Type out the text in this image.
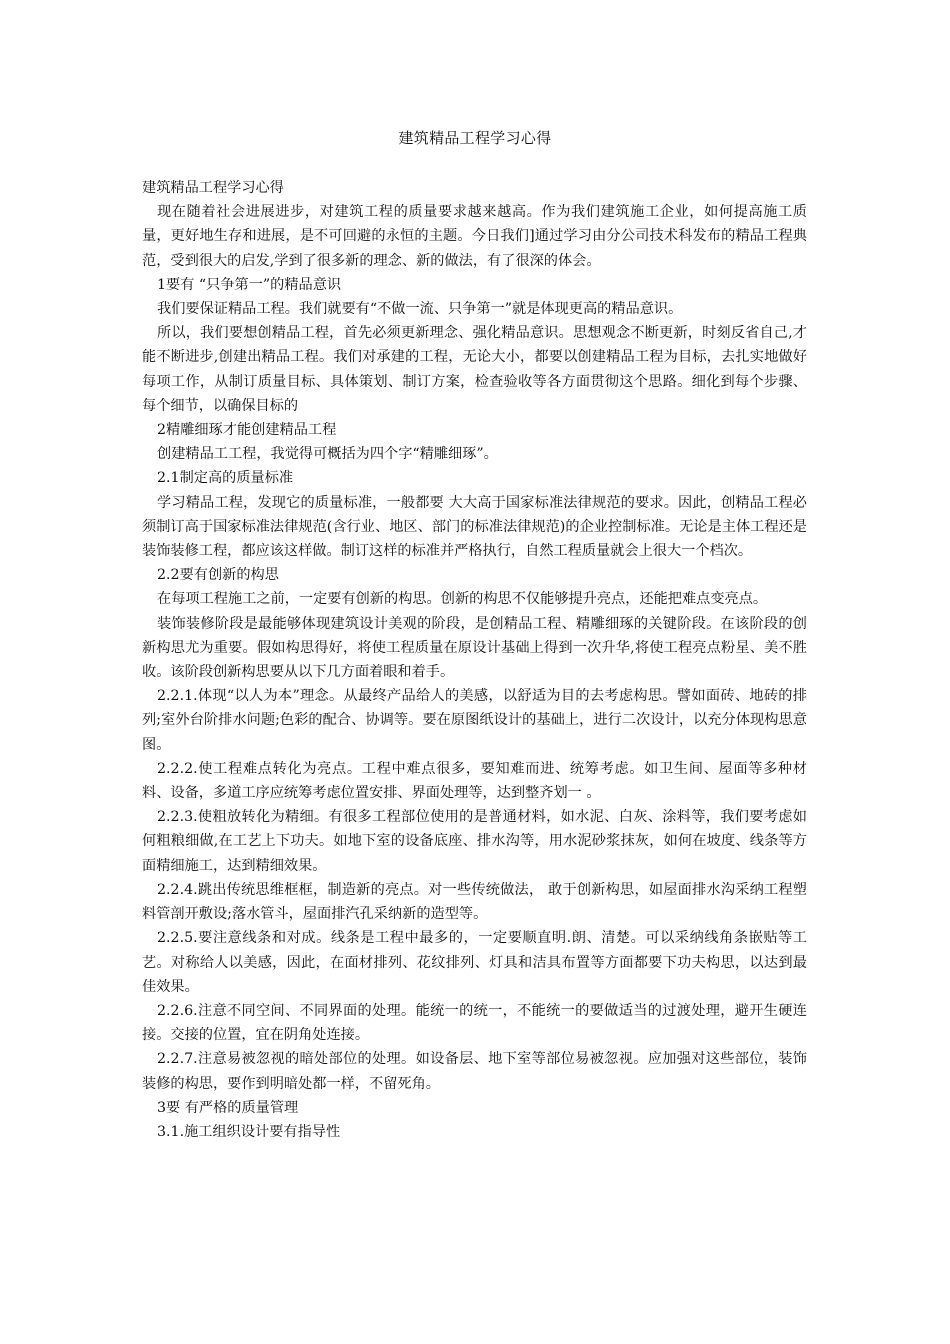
建筑精品工程学习心得

建筑精品工程学习心得

现在随着社会进展进步，对建筑工程的质量要求越来越高。作为我们建筑施工企业，如何提高施工质量，更好地生存和进展，是不可回避的永恒的主题。今日我们]通过学习由分公司技术科发布的精品工程典范，受到很大的启发,学到了很多新的理念、新的做法，有了很深的体会。

1要有 “只争第一”的精品意识

我们要保证精品工程。我们就要有“不做一流、只争第一”就是体现更高的精品意识。

所以，我们要想创精品工程，首先必须更新理念、强化精品意识。思想观念不断更新，时刻反省自己,才能不断进步,创建出精品工程。我们对承建的工程，无论大小，都要以创建精品工程为目标，去扎实地做好每项工作，从制订质量目标、具体策划、制订方案，检查验收等各方面贯彻这个思路。细化到每个步骤、每个细节，以确保目标的

2精雕细琢才能创建精品工程

创建精品工工程，我觉得可概括为四个字“精雕细琢”。

2.1制定高的质量标准

学习精品工程，发现它的质量标准，一般都要 大大高于国家标准法律规范的要求。因此，创精品工程必须制订高于国家标准法律规范(含行业、地区、部门的标准法律规范)的企业控制标准。无论是主体工程还是装饰装修工程，都应该这样做。制订这样的标准并严格执行，自然工程质量就会上很大一个档次。

2.2要有创新的构思

在每项工程施工之前，一定要有创新的构思。创新的构思不仅能够提升亮点，还能把难点变亮点。

装饰装修阶段是最能够体现建筑设计美观的阶段，是创精品工程、精雕细琢的关键阶段。在该阶段的创新构思尤为重要。假如构思得好，将使工程质量在原设计基础上得到一次升华,将使工程亮点粉星、美不胜收。该阶段创新构思要从以下几方面着眼和着手。

2.2.1.体现“以人为本”理念。从最终产品给人的美感，以舒适为目的去考虑构思。譬如面砖、地砖的排列;室外台阶排水问题;色彩的配合、协调等。要在原图纸设计的基础上，进行二次设计，以充分体现构思意图。

2.2.2.使工程难点转化为亮点。工程中难点很多，要知难而进、统筹考虑。如卫生间、屋面等多种材料、设备，多道工序应统筹考虑位置安排、界面处理等，达到整齐划一 。

2.2.3.使粗放转化为精细。有很多工程部位使用的是普通材料，如水泥、白灰、涂料等，我们要考虑如何粗粮细做,在工艺上下功夫。如地下室的设备底座、排水沟等，用水泥砂浆抹灰，如何在坡度、线条等方面精细施工，达到精细效果。

2.2.4.跳出传统思维框框，制造新的亮点。对一些传统做法， 敢于创新构思，如屋面排水沟采纳工程塑料管剖开敷设;落水管斗，屋面排汽孔采纳新的造型等。

2.2.5.要注意线条和对成。线条是工程中最多的，一定要顺直明.朗、清楚。可以采纳线角条嵌贴等工艺。对称给人以美感，因此，在面材排列、花纹排列、灯具和洁具布置等方面都要下功夫构思，以达到最佳效果。

2.2.6.注意不同空间、不同界面的处理。能统一的统一，不能统一的要做适当的过渡处理，避开生硬连接。交接的位置，宜在阴角处连接。

2.2.7.注意易被忽视的暗处部位的处理。如设备层、地下室等部位易被忽视。应加强对这些部位，装饰装修的构思，要作到明暗处都一样，不留死角。

3要 有严格的质量管理

3.1.施工组织设计要有指导性
